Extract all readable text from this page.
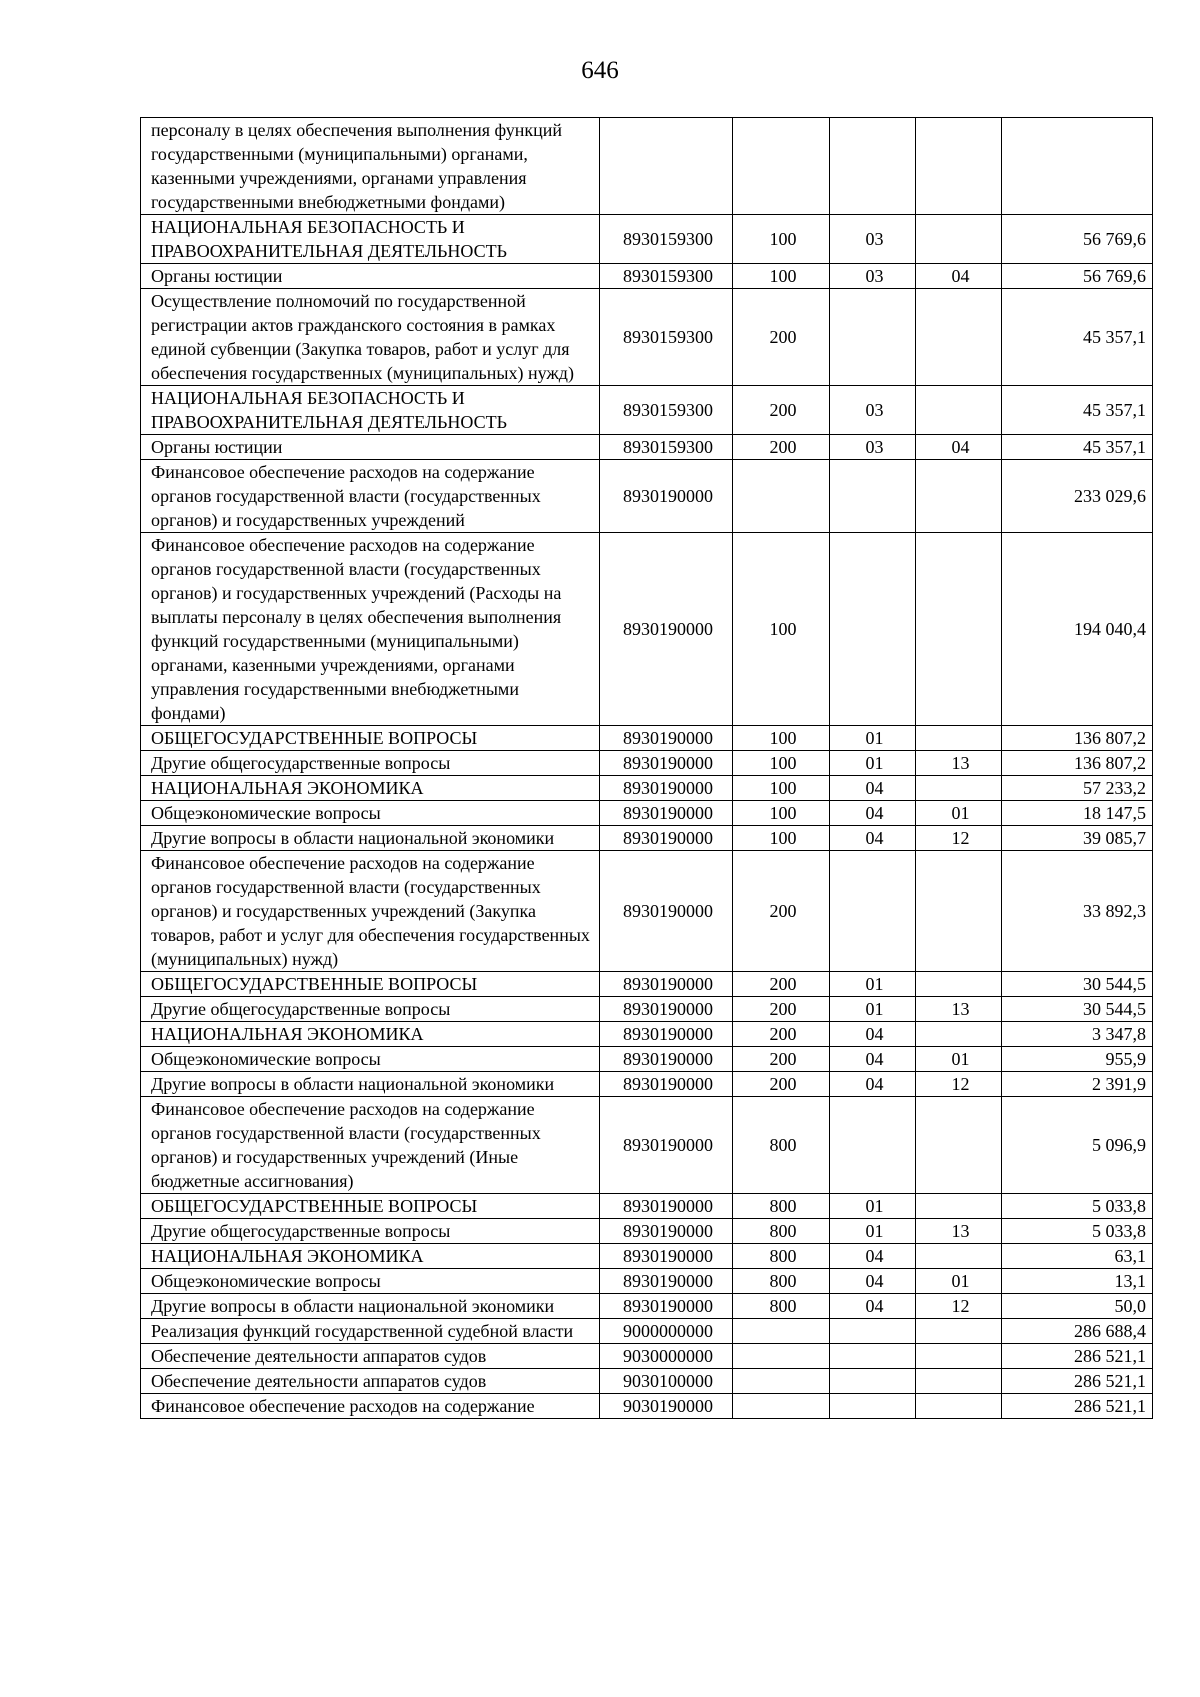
646
персоналу в целях обеспечения выполнения функций государственными (муниципальными) органами, казенными учреждениями, органами управления государственными внебюджетными фондами)					
НАЦИОНАЛЬНАЯ БЕЗОПАСНОСТЬ И ПРАВООХРАНИТЕЛЬНАЯ ДЕЯТЕЛЬНОСТЬ	8930159300	100	03		56 769,6
Органы юстиции	8930159300	100	03	04	56 769,6
Осуществление полномочий по государственной регистрации актов гражданского состояния в рамках единой субвенции (Закупка товаров, работ и услуг для обеспечения государственных (муниципальных) нужд)	8930159300	200			45 357,1
НАЦИОНАЛЬНАЯ БЕЗОПАСНОСТЬ И ПРАВООХРАНИТЕЛЬНАЯ ДЕЯТЕЛЬНОСТЬ	8930159300	200	03		45 357,1
Органы юстиции	8930159300	200	03	04	45 357,1
Финансовое обеспечение расходов на содержание органов государственной власти (государственных органов) и государственных учреждений	8930190000				233 029,6
Финансовое обеспечение расходов на содержание органов государственной власти (государственных органов) и государственных учреждений (Расходы на выплаты персоналу в целях обеспечения выполнения функций государственными (муниципальными) органами, казенными учреждениями, органами управления государственными внебюджетными фондами)	8930190000	100			194 040,4
ОБЩЕГОСУДАРСТВЕННЫЕ ВОПРОСЫ	8930190000	100	01		136 807,2
Другие общегосударственные вопросы	8930190000	100	01	13	136 807,2
НАЦИОНАЛЬНАЯ ЭКОНОМИКА	8930190000	100	04		57 233,2
Общеэкономические вопросы	8930190000	100	04	01	18 147,5
Другие вопросы в области национальной экономики	8930190000	100	04	12	39 085,7
Финансовое обеспечение расходов на содержание органов государственной власти (государственных органов) и государственных учреждений (Закупка товаров, работ и услуг для обеспечения государственных (муниципальных) нужд)	8930190000	200			33 892,3
ОБЩЕГОСУДАРСТВЕННЫЕ ВОПРОСЫ	8930190000	200	01		30 544,5
Другие общегосударственные вопросы	8930190000	200	01	13	30 544,5
НАЦИОНАЛЬНАЯ ЭКОНОМИКА	8930190000	200	04		3 347,8
Общеэкономические вопросы	8930190000	200	04	01	955,9
Другие вопросы в области национальной экономики	8930190000	200	04	12	2 391,9
Финансовое обеспечение расходов на содержание органов государственной власти (государственных органов) и государственных учреждений (Иные бюджетные ассигнования)	8930190000	800			5 096,9
ОБЩЕГОСУДАРСТВЕННЫЕ ВОПРОСЫ	8930190000	800	01		5 033,8
Другие общегосударственные вопросы	8930190000	800	01	13	5 033,8
НАЦИОНАЛЬНАЯ ЭКОНОМИКА	8930190000	800	04		63,1
Общеэкономические вопросы	8930190000	800	04	01	13,1
Другие вопросы в области национальной экономики	8930190000	800	04	12	50,0
Реализация функций государственной судебной власти	9000000000				286 688,4
Обеспечение деятельности аппаратов судов	9030000000				286 521,1
Обеспечение деятельности аппаратов судов	9030100000				286 521,1
Финансовое обеспечение расходов на содержание	9030190000				286 521,1
